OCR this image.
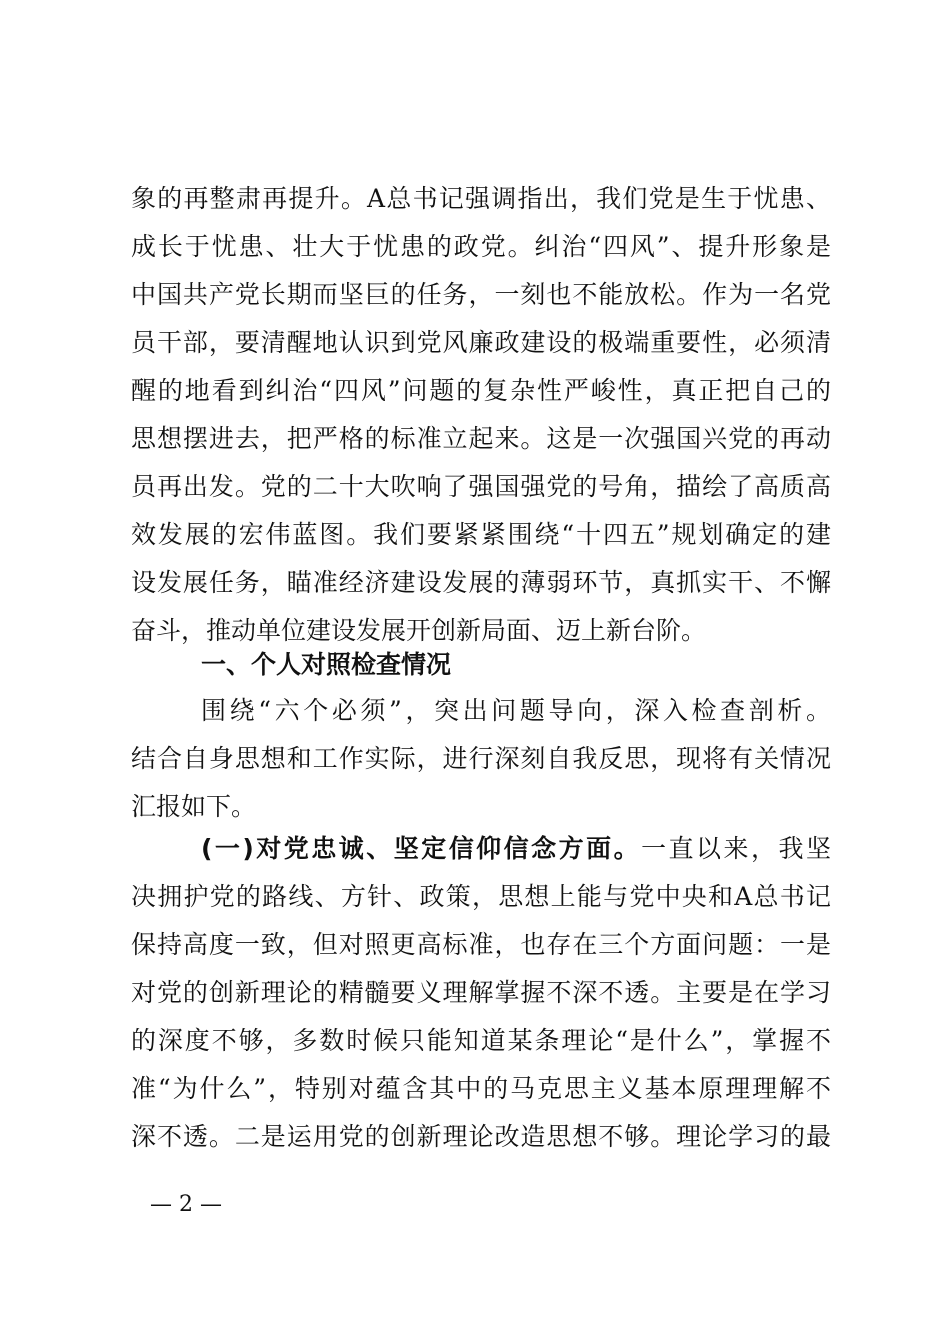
象的再整肃再提升。A总书记强调指出，我们党是生于忧患、
成长于忧患、壮大于忧患的政党。纠治“四风”、提升形象是
中国共产党长期而坚巨的任务，一刻也不能放松。作为一名党
员干部，要清醒地认识到党风廉政建设的极端重要性，必须清
醒的地看到纠治“四风”问题的复杂性严峻性，真正把自己的
思想摆进去，把严格的标准立起来。这是一次强国兴党的再动
员再出发。党的二十大吹响了强国强党的号角，描绘了高质高
效发展的宏伟蓝图。我们要紧紧围绕“十四五”规划确定的建
设发展任务，瞄准经济建设发展的薄弱环节，真抓实干、不懈
奋斗，推动单位建设发展开创新局面、迈上新台阶。
一、个人对照检查情况
围绕“六个必须”，突出问题导向，深入检查剖析。
结合自身思想和工作实际，进行深刻自我反思，现将有关情况
汇报如下。
(一)对党忠诚、坚定信仰信念方面。一直以来，我坚
决拥护党的路线、方针、政策，思想上能与党中央和A总书记
保持高度一致，但对照更高标准，也存在三个方面问题：一是
对党的创新理论的精髓要义理解掌握不深不透。主要是在学习
的深度不够，多数时候只能知道某条理论“是什么”，掌握不
准“为什么”，特别对蕴含其中的马克思主义基本原理理解不
深不透。二是运用党的创新理论改造思想不够。理论学习的最
— 2 —
